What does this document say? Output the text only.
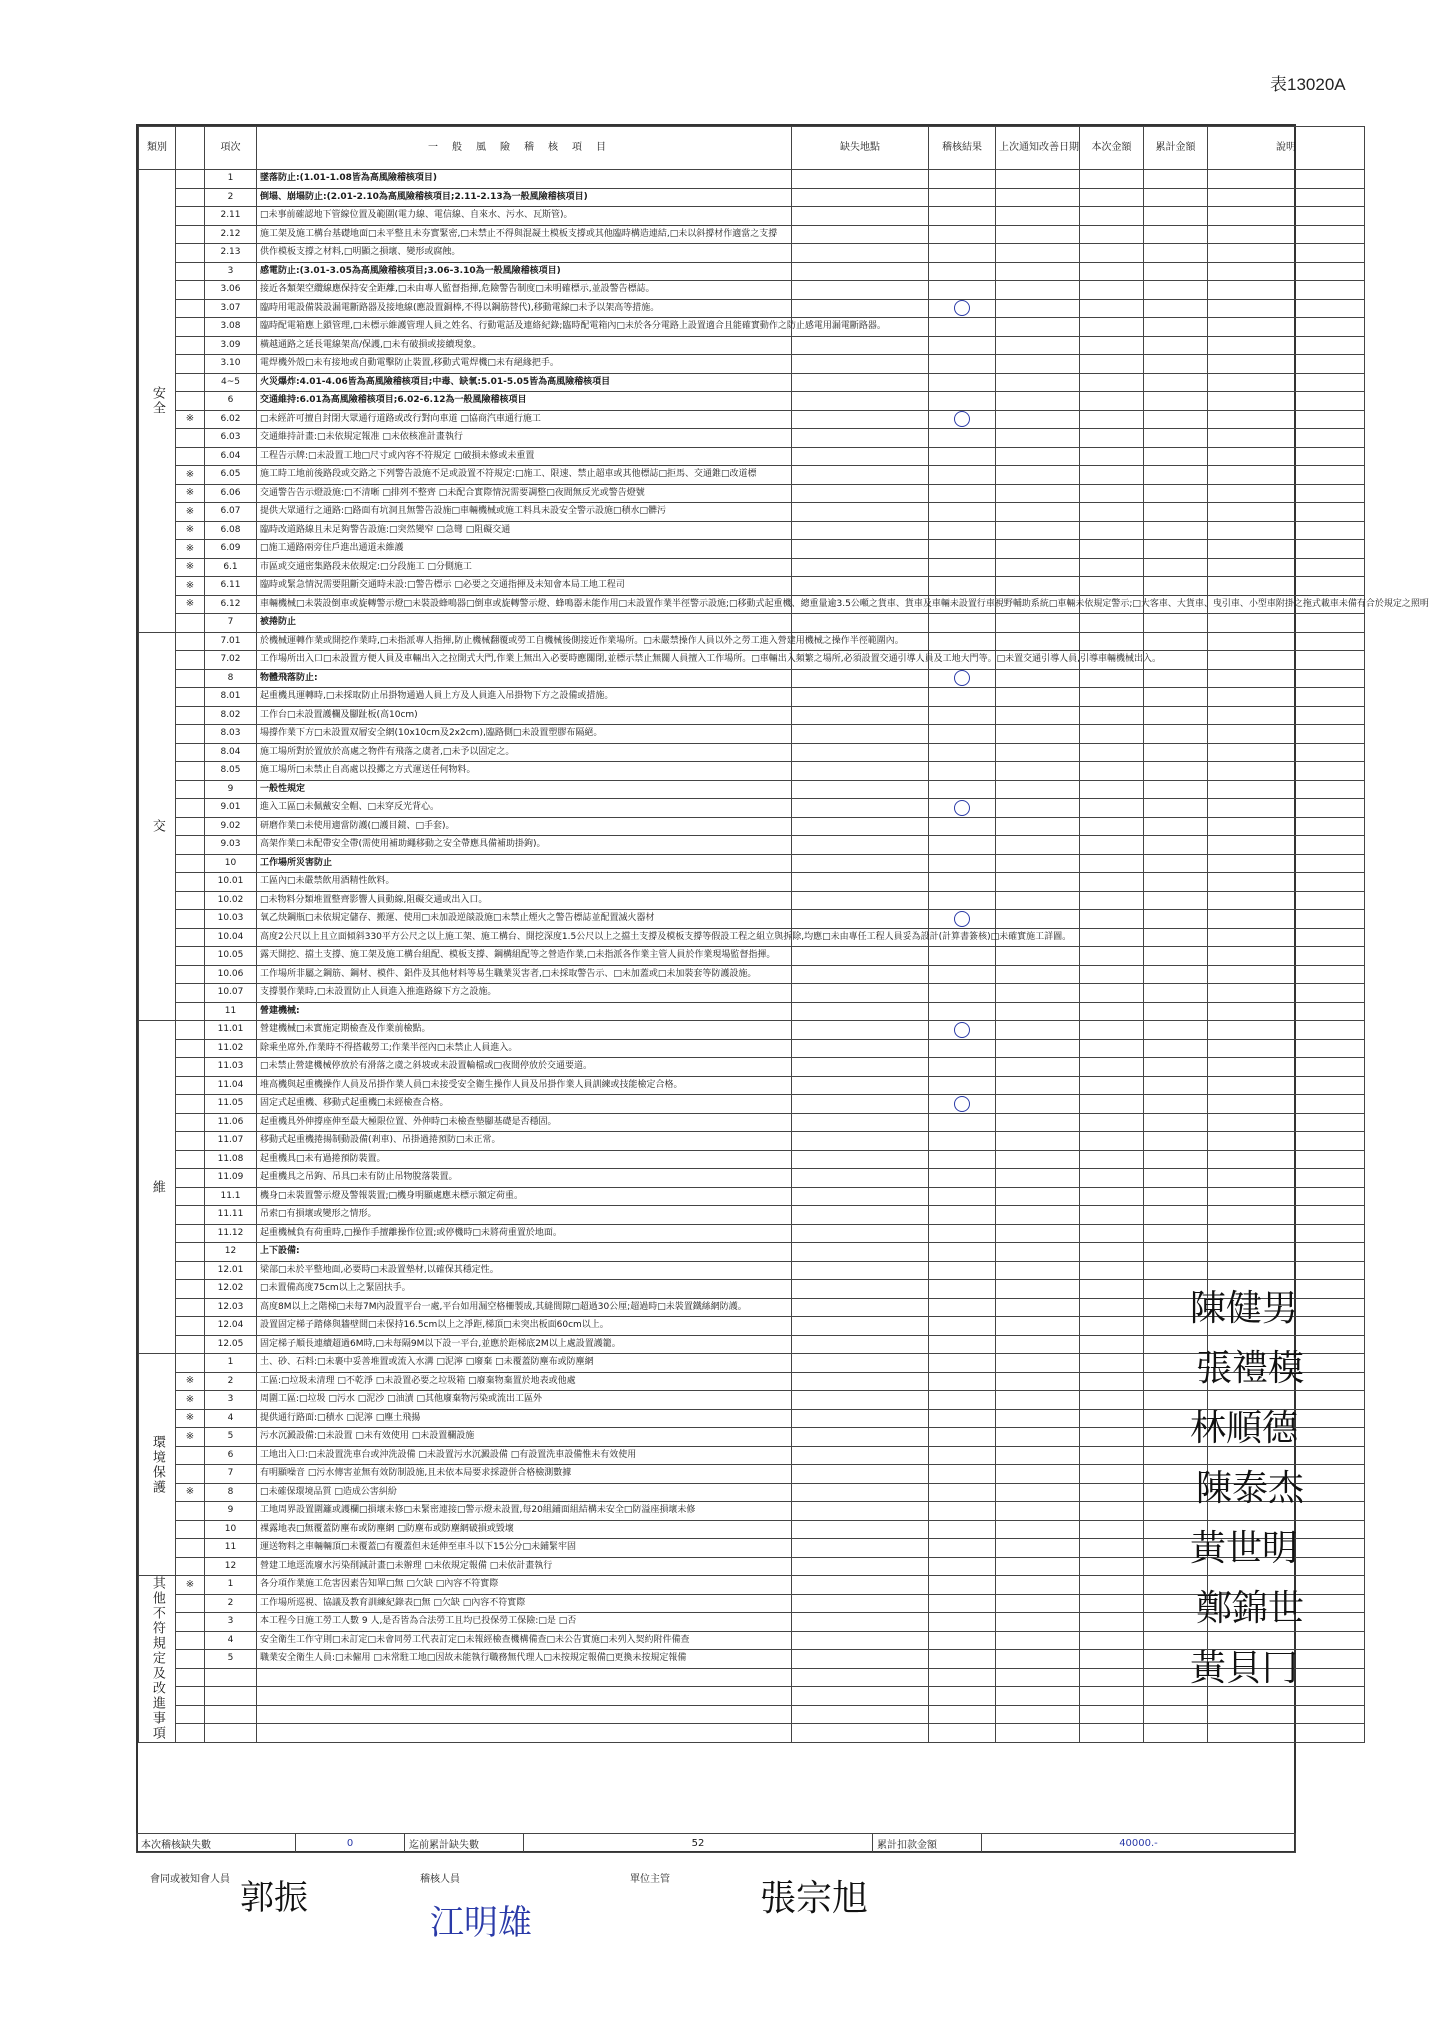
表13020A
類別		項次	一般風險稽核項目	缺失地點	稽核結果	上次通知改善日期	本次金額	累計金額	說明

安全		1	墜落防止:(1.01-1.08皆為高風險稽核項目)						
		2	倒塌、崩塌防止:(2.01-2.10為高風險稽核項目;2.11-2.13為一般風險稽核項目)						
		2.11	□未事前確認地下管線位置及範圍(電力線、電信線、自來水、污水、瓦斯管)。						
		2.12	施工架及施工構台基礎地面□未平整且未夯實緊密,□未禁止不得與混凝土模板支撐或其他臨時構造連結,□未以斜撐材作適當之支撐						
		2.13	供作模板支撐之材料,□明顯之損壞、變形或腐蝕。						
		3	感電防止:(3.01-3.05為高風險稽核項目;3.06-3.10為一般風險稽核項目)						
		3.06	接近各類架空纜線應保持安全距離,□未由專人監督指揮,危險警告制度□未明確標示,並設警告標誌。						
		3.07	臨時用電設備裝設漏電斷路器及接地線(應設置銅棒,不得以鋼筋替代),移動電線□未予以架高等措施。						
		3.08	臨時配電箱應上鎖管理,□未標示維護管理人員之姓名、行動電話及連絡紀錄;臨時配電箱內□未於各分電路上設置適合且能確實動作之防止感電用漏電斷路器。						
		3.09	橫越通路之延長電線架高/保護,□未有破損或接續現象。						
		3.10	電焊機外殼□未有接地或自動電擊防止裝置,移動式電焊機□未有絕緣把手。						
		4~5	火災爆炸:4.01-4.06皆為高風險稽核項目;中毒、缺氧:5.01-5.05皆為高風險稽核項目						
		6	交通維持:6.01為高風險稽核項目;6.02-6.12為一般風險稽核項目						
	※	6.02	□未經許可擅自封閉大眾通行道路或改行對向車道 □協商汽車通行施工						
		6.03	交通維持計畫:□未依規定報准 □未依核准計畫執行						
		6.04	工程告示牌:□未設置工地□尺寸或內容不符規定 □破損未修或未重置						
	※	6.05	施工時工地前後路段或交路之下列警告設施不足或設置不符規定:□施工、限速、禁止超車或其他標誌□拒馬、交通錐□改道標						
	※	6.06	交通警告告示燈設施:□不清晰 □排列不整齊 □未配合實際情況需要調整□夜間無反光或警告燈號						
	※	6.07	提供大眾通行之通路:□路面有坑洞且無警告設施□車輛機械或施工料具未設安全警示設施□積水□髒污						
	※	6.08	臨時改道路線且未足夠警告設施:□突然變窄 □急彎 □阻礙交通						
	※	6.09	□施工通路兩旁住戶進出通道未維護						
	※	6.1	市區或交通密集路段未依規定:□分段施工 □分側施工						
	※	6.11	臨時或緊急情況需要阻斷交通時未設:□警告標示 □必要之交通指揮及未知會本局工地工程司						
	※	6.12	車輛機械□未裝設倒車或旋轉警示燈□未裝設蜂鳴器□倒車或旋轉警示燈、蜂鳴器未能作用□未設置作業半徑警示設施;□移動式起重機、總重量逾3.5公噸之貨車、貨車及車輛未設置行車視野輔助系統□車輛未依規定警示;□大客車、大貨車、曳引車、小型車附掛之拖式載車未備有合於規定之照明						
		7	被捲防止						

交		7.01	於機械運轉作業或開挖作業時,□未指派專人指揮,防止機械翻覆或勞工自機械後側接近作業場所。□未嚴禁操作人員以外之勞工進入營建用機械之操作半徑範圍內。						
		7.02	工作場所出入口□未設置方便人員及車輛出入之拉開式大門,作業上無出入必要時應關閉,並標示禁止無關人員擅入工作場所。□車輛出入頻繁之場所,必須設置交通引導人員及工地大門等。□未置交通引導人員,引導車輛機械出入。						
		8	物體飛落防止:						
		8.01	起重機具運轉時,□未採取防止吊掛物通過人員上方及人員進入吊掛物下方之設備或措施。						
		8.02	工作台□未設置護欄及腳趾板(高10cm)						
		8.03	場撐作業下方□未設置双層安全網(10x10cm及2x2cm),臨路側□未設置塑膠布隔絕。						
		8.04	施工場所對於置放於高處之物件有飛落之虞者,□未予以固定之。						
		8.05	施工場所□未禁止自高處以投擲之方式運送任何物料。						
		9	一般性規定						
		9.01	進入工區□未佩戴安全帽、□未穿反光背心。						
		9.02	研磨作業□未使用適當防護(□護目鏡、□手套)。						
		9.03	高架作業□未配帶安全帶(需使用補助繩移動之安全帶應具備補助掛鉤)。						
		10	工作場所災害防止						
		10.01	工區內□未嚴禁飲用酒精性飲料。						
		10.02	□未物料分類堆置整齊影響人員動線,阻礙交通或出入口。						
		10.03	氧乙炔鋼瓶□未依規定儲存、搬運、使用□未加設逆燄設施□未禁止煙火之警告標誌並配置滅火器材						
		10.04	高度2公尺以上且立面傾斜330平方公尺之以上施工架、施工構台、開挖深度1.5公尺以上之擋土支撐及模板支撐等假設工程之組立與拆除,均應□未由專任工程人員妥為設計(計算書簽核)□未確實施工詳圖。						
		10.05	露天開挖、擋土支撐、施工架及施工構台組配、模板支撐、鋼構組配等之營造作業,□未指派各作業主管人員於作業現場監督指揮。						
		10.06	工作場所非屬之鋼筋、鋼材、模件、鋁件及其他材料等易生職業災害者,□未採取警告示、□未加蓋或□未加裝套等防護設施。						
		10.07	支撐製作業時,□未設置防止人員進入推進路線下方之設施。						
		11	營建機械:						

維		11.01	營建機械□未實施定期檢查及作業前檢點。						
		11.02	除乘坐席外,作業時不得搭載勞工;作業半徑內□未禁止人員進入。						
		11.03	□未禁止營建機械停放於有滑落之虞之斜坡或未設置輪檔或□夜間停放於交通要道。						
		11.04	堆高機與起重機操作人員及吊掛作業人員□未接受安全衛生操作人員及吊掛作業人員訓練或技能檢定合格。						
		11.05	固定式起重機、移動式起重機□未經檢查合格。						
		11.06	起重機具外伸撐座伸至最大極限位置、外伸時□未檢查墊腳基礎是否穩固。						
		11.07	移動式起重機捲揚制動設備(剎車)、吊掛過捲預防□未正常。						
		11.08	起重機具□未有過捲預防裝置。						
		11.09	起重機具之吊鉤、吊具□未有防止吊物脫落裝置。						
		11.1	機身□未裝置警示燈及警報裝置;□機身明顯處應未標示額定荷重。						
		11.11	吊索□有損壞或變形之情形。						
		11.12	起重機械負有荷重時,□操作手擅離操作位置;或停機時□未將荷重置於地面。						
		12	上下設備:						
		12.01	梁部□未於平整地面,必要時□未設置墊材,以確保其穩定性。						
		12.02	□未置備高度75cm以上之緊固扶手。						
		12.03	高度8M以上之階梯□未每7M內設置平台一處,平台如用漏空格柵製成,其縫間隙□超過30公厘;超過時□未裝置鐵絲網防護。						
		12.04	設置固定梯子踏條與牆壁間□未保持16.5cm以上之淨距,梯頂□未突出板面60cm以上。						
		12.05	固定梯子順長連續超過6M時,□未每隔9M以下設一平台,並應於距梯底2M以上處設置護籠。						

環境保護		1	土、砂、石料:□未裹中妥善堆置或流入水溝 □泥濘 □廢棄 □未覆蓋防塵布或防塵網						
	※	2	工區:□垃圾未清理 □不乾淨 □未設置必要之垃圾箱 □廢棄物棄置於地表或他處						
	※	3	周圍工區:□垃圾 □污水 □泥沙 □油漬 □其他廢棄物污染或流出工區外						
	※	4	提供通行路面:□積水 □泥濘 □塵土飛揚						
	※	5	污水沉澱設備:□未設置 □未有效使用 □未設置欄設施						
		6	工地出入口:□未設置洗車台或沖洗設備 □未設置污水沉澱設備 □有設置洗車設備惟未有效使用						
		7	有明顯噪音 □污水傳害並無有效防制設施,且未依本局要求採證併合格檢測數據						
	※	8	□未確保環境品質 □造成公害糾紛						
		9	工地周界設置圍籬或護欄□損壞未修□未緊密連接□警示燈未設置,每20組鋪面組結構未安全□防溢座損壞未修						
		10	裸露地表□無覆蓋防塵布或防塵網 □防塵布或防塵網破損或毀壞						
		11	運送物料之車輛輛頂□未覆蓋□有覆蓋但未延伸至車斗以下15公分□未鋪緊牢固						
		12	營建工地逕流廢水污染削減計畫□未辦理 □未依規定報備 □未依計畫執行						

其他不符規定及改進事項	※	1	各分項作業施工危害因素告知單□無 □欠缺 □內容不符實際						
		2	工作場所巡視、協議及教育訓練紀錄表□無 □欠缺 □內容不符實際						
		3	本工程今日施工勞工人數 9 人,是否皆為合法勞工且均已投保勞工保險:□是 □否						
		4	安全衛生工作守則□未訂定□未會同勞工代表訂定□未報經檢查機構備查□未公告實施□未列入契約附件備查						
		5	職業安全衛生人員:□未僱用 □未常駐工地□因故未能執行職務無代理人□未按規定報備□更換未按規定報備						

本次稽核缺失數	0	迄前累計缺失數	52	累計扣款金額	40000.-
會同或被知會人員	稽核人員	單位主管
郭振
江明雄
張宗旭
陳健男
張禮模
林順德
陳泰杰
黃世明
鄭錦世
黃貝冂
